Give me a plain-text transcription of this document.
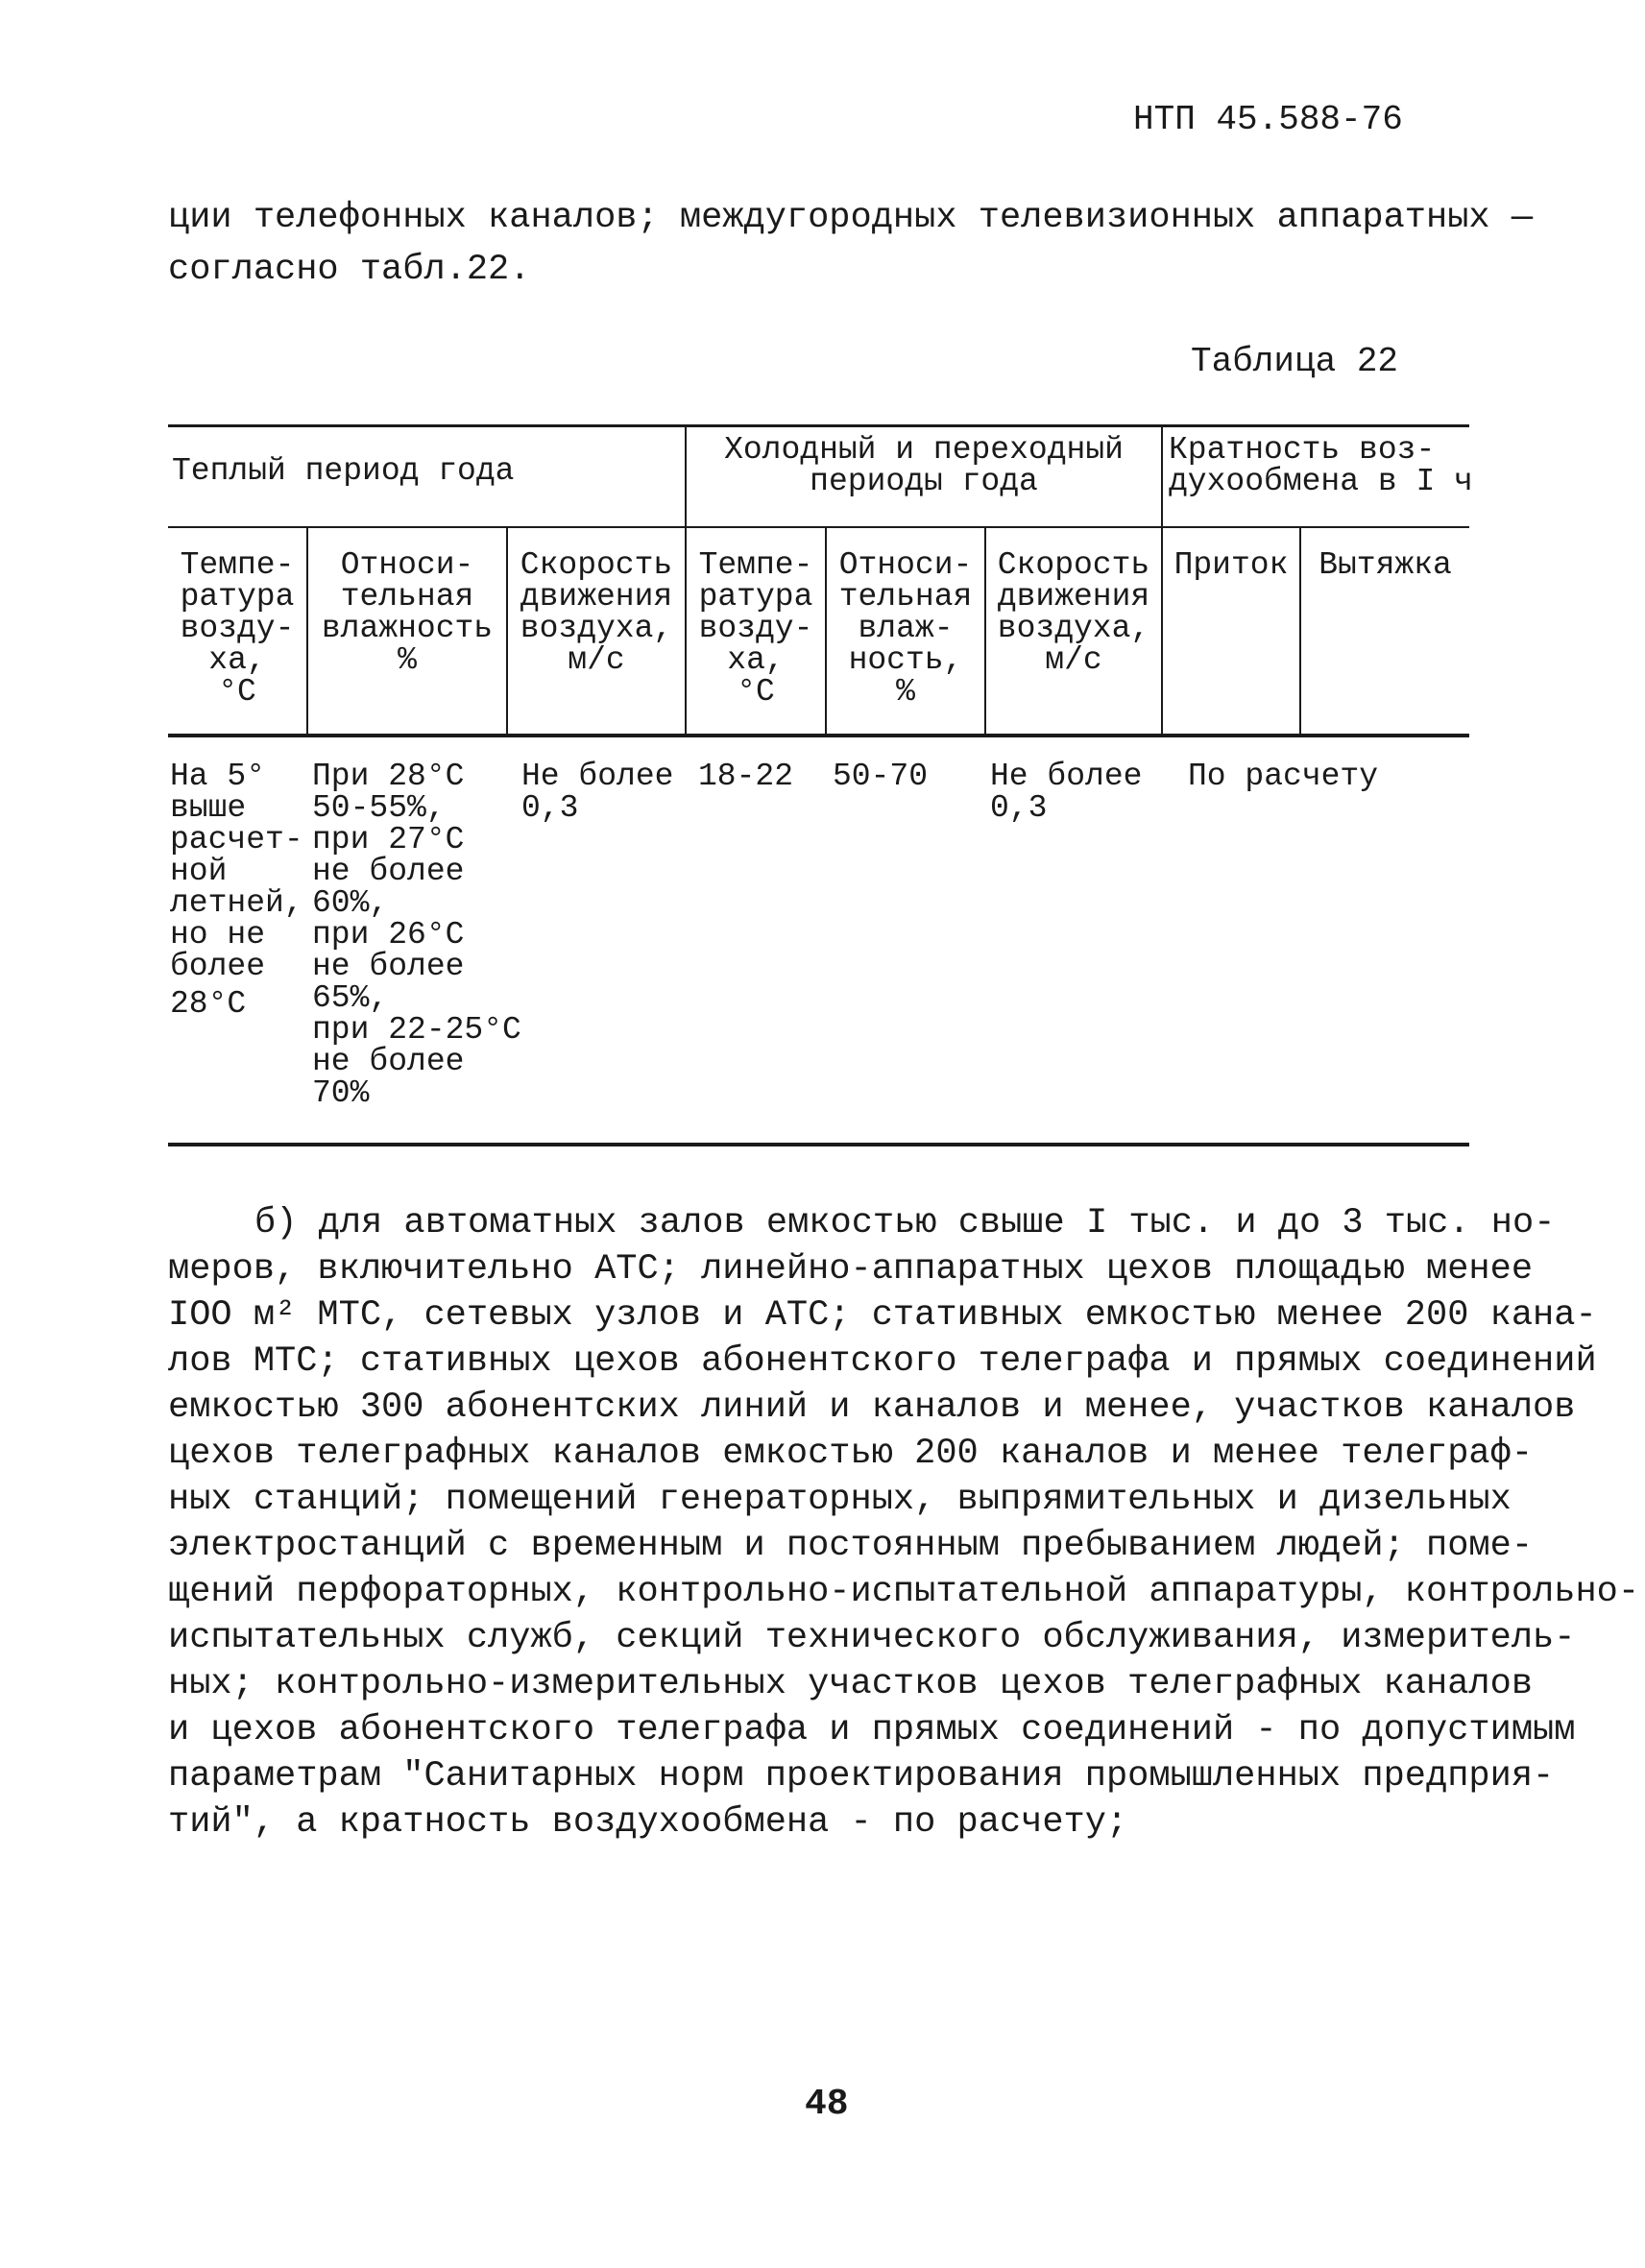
НТП 45.588-76

ции телефонных каналов; междугородных телевизионных аппаратных —

согласно табл.22.

Таблица 22
Теплый период года
Холодный и переходный
периоды года
Кратность воз-
духообмена в I ч
Темпе-
ратура
возду-
ха,
°С
Относи-
тельная
влажность
%
Скорость
движения
воздуха,
м/с
Темпе-
ратура
возду-
ха,
°С
Относи-
тельная
влаж-
ность,
%
Скорость
движения
воздуха,
м/с
Приток Вытяжка
На 5°
выше
расчет-
ной
летней,
но не
более
28°С
При 28°С
50-55%,
при 27°С
не более
60%,
при 26°С
не более
65%,
при 22-25°С
не более
70%
Не более
0,3
18-22 50-70 Не более
0,3
По расчету
б) для автоматных залов емкостью свыше I тыс. и до 3 тыс. но-
меров, включительно АТС; линейно-аппаратных цехов площадью менее
IOO м² МТС, сетевых узлов и АТС; стативных емкостью менее 200 кана-
лов МТС; стативных цехов абонентского телеграфа и прямых соединений
емкостью 300 абонентских линий и каналов и менее, участков каналов
цехов телеграфных каналов емкостью 200 каналов и менее телеграф-
ных станций; помещений генераторных, выпрямительных и дизельных
электростанций с временным и постоянным пребыванием людей; поме-
щений перфораторных, контрольно-испытательной аппаратуры, контрольно-
испытательных служб, секций технического обслуживания, измеритель-
ных; контрольно-измерительных участков цехов телеграфных каналов
и цехов абонентского телеграфа и прямых соединений - по допустимым
параметрам "Санитарных норм проектирования промышленных предприя-
тий", а кратность воздухообмена - по расчету;
48
